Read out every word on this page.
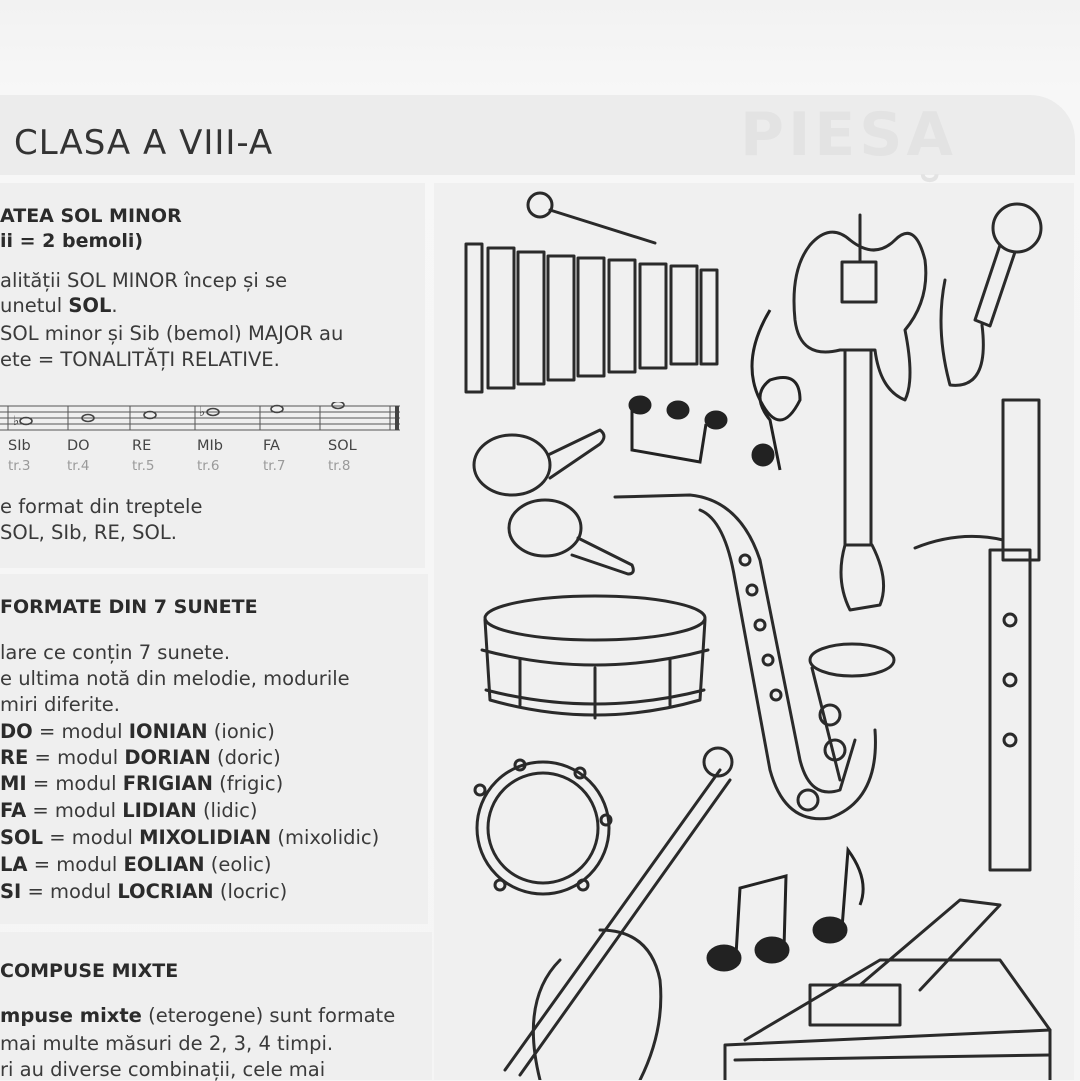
PIESA
CLASA A VIII-A
ATEA SOL MINOR
ii = 2 bemoli)
alității SOL MINOR încep și se
unetul SOL.
SOL minor și Sib (bemol) MAJOR au
ete = TONALITĂȚI RELATIVE.
♭
♭
SIb	DO	RE	MIb	FA	SOL
tr.3	tr.4	tr.5	tr.6	tr.7	tr.8
e format din treptele
SOL, SIb, RE, SOL.
FORMATE DIN 7 SUNETE
lare ce conțin 7 sunete.
e ultima notă din melodie, modurile
miri diferite.
DO = modul IONIAN (ionic)
RE = modul DORIAN (doric)
MI = modul FRIGIAN (frigic)
FA = modul LIDIAN (lidic)
SOL = modul MIXOLIDIAN (mixolidic)
LA = modul EOLIAN (eolic)
SI = modul LOCRIAN (locric)
COMPUSE MIXTE
mpuse mixte (eterogene) sunt formate
mai multe măsuri de 2, 3, 4 timpi.
ri au diverse combinații, cele mai
